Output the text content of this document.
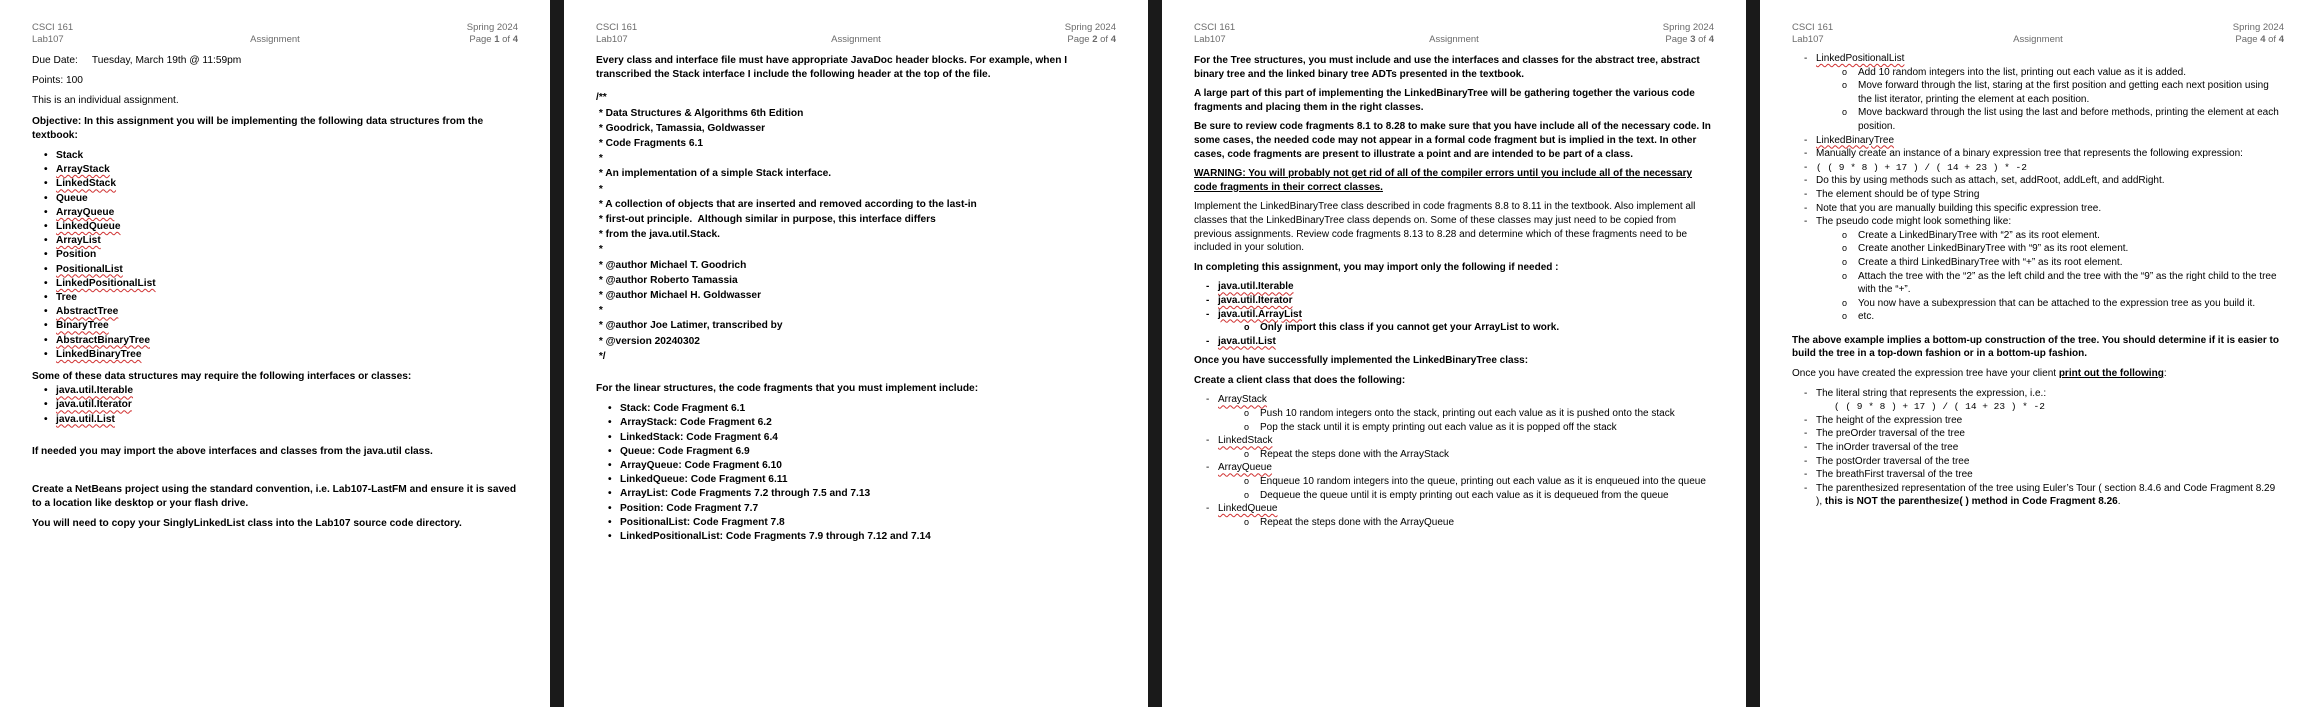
CSCI 161
Lab107	Assignment
Spring 2024
Page 1 of 4

Due Date: Tuesday, March 19th @ 11:59pm

Points: 100

This is an individual assignment.

Objective: In this assignment you will be implementing the following data structures from the textbook:

• Stack
• ArrayStack
• LinkedStack
• Queue
• ArrayQueue
• LinkedQueue
• ArrayList
• Position
• PositionalList
• LinkedPositionalList
• Tree
• AbstractTree
• BinaryTree
• AbstractBinaryTree
• LinkedBinaryTree

Some of these data structures may require the following interfaces or classes:

• java.util.Iterable
• java.util.Iterator
• java.util.List

If needed you may import the above interfaces and classes from the java.util class.

Create a NetBeans project using the standard convention, i.e. Lab107-LastFM and ensure it is saved to a location like desktop or your flash drive.

You will need to copy your SinglyLinkedList class into the Lab107 source code directory.

CSCI 161
Lab107	Assignment
Spring 2024
Page 2 of 4

Every class and interface file must have appropriate JavaDoc header blocks. For example, when I transcribed the Stack interface I include the following header at the top of the file.

/**
* Data Structures & Algorithms 6th Edition
* Goodrick, Tamassia, Goldwasser
* Code Fragments 6.1
*
* An implementation of a simple Stack interface.
*
* A collection of objects that are inserted and removed according to the last-in
* first-out principle.  Although similar in purpose, this interface differs
* from the java.util.Stack.
*
* @author Michael T. Goodrich
* @author Roberto Tamassia
* @author Michael H. Goldwasser
*
* @author Joe Latimer, transcribed by
* @version 20240302
*/

For the linear structures, the code fragments that you must implement include:

• Stack: Code Fragment 6.1
• ArrayStack: Code Fragment 6.2
• LinkedStack: Code Fragment 6.4
• Queue: Code Fragment 6.9
• ArrayQueue: Code Fragment 6.10
• LinkedQueue: Code Fragment 6.11
• ArrayList: Code Fragments 7.2 through 7.5 and 7.13
• Position: Code Fragment 7.7
• PositionalList: Code Fragment 7.8
• LinkedPositionalList: Code Fragments 7.9 through 7.12 and 7.14
CSCI 161
Lab107	Assignment
Spring 2024
Page 3 of 4

For the Tree structures, you must include and use the interfaces and classes for the abstract tree, abstract binary tree and the linked binary tree ADTs presented in the textbook.

A large part of this part of implementing the LinkedBinaryTree will be gathering together the various code fragments and placing them in the right classes.

Be sure to review code fragments 8.1 to 8.28 to make sure that you have include all of the necessary code. In some cases, the needed code may not appear in a formal code fragment but is implied in the text. In other cases, code fragments are present to illustrate a point and are intended to be part of a class.

WARNING: You will probably not get rid of all of the compiler errors until you include all of the necessary code fragments in their correct classes.

Implement the LinkedBinaryTree class described in code fragments 8.8 to 8.11 in the textbook. Also implement all classes that the LinkedBinaryTree class depends on. Some of these classes may just need to be copied from previous assignments. Review code fragments 8.13 to 8.28 and determine which of these fragments need to be included in your solution.

In completing this assignment, you may import only the following if needed :

- java.util.Iterable
- java.util.Iterator
- java.util.ArrayList
o Only import this class if you cannot get your ArrayList to work.
- java.util.List

Once you have successfully implemented the LinkedBinaryTree class:

Create a client class that does the following:

- ArrayStack
o Push 10 random integers onto the stack, printing out each value as it is pushed onto the stack
o Pop the stack until it is empty printing out each value as it is popped off the stack
- LinkedStack
o Repeat the steps done with the ArrayStack
- ArrayQueue
o Enqueue 10 random integers into the queue, printing out each value as it is enqueued into the queue
o Dequeue the queue until it is empty printing out each value as it is dequeued from the queue
- LinkedQueue
o Repeat the steps done with the ArrayQueue
CSCI 161
Lab107	Assignment
Spring 2024
Page 4 of 4
- LinkedPositionalList
o Add 10 random integers into the list, printing out each value as it is added.
o Move forward through the list, staring at the first position and getting each next position using the list iterator, printing the element at each position.
o Move backward through the list using the last and before methods, printing the element at each position.
- LinkedBinaryTree
- Manually create an instance of a binary expression tree that represents the following expression:
- ( ( 9 * 8 ) + 17 ) / ( 14 + 23 ) * -2
- Do this by using methods such as attach, set, addRoot, addLeft, and addRight.
- The element should be of type String
- Note that you are manually building this specific expression tree.
- The pseudo code might look something like:
o Create a LinkedBinaryTree with “2” as its root element.
o Create another LinkedBinaryTree with “9” as its root element.
o Create a third LinkedBinaryTree with “+” as its root element.
o Attach the tree with the “2” as the left child and the tree with the “9” as the right child to the tree with the “+”.
o You now have a subexpression that can be attached to the expression tree as you build it.
o etc.

The above example implies a bottom-up construction of the tree. You should determine if it is easier to build the tree in a top-down fashion or in a bottom-up fashion.

Once you have created the expression tree have your client print out the following:

- The literal string that represents the expression, i.e.:
( ( 9 * 8 ) + 17 ) / ( 14 + 23 ) * -2
- The height of the expression tree
- The preOrder traversal of the tree
- The inOrder traversal of the tree
- The postOrder traversal of the tree
- The breathFirst traversal of the tree
- The parenthesized representation of the tree using Euler’s Tour ( section 8.4.6 and Code Fragment 8.29 ), this is NOT the parenthesize( ) method in Code Fragment 8.26.
